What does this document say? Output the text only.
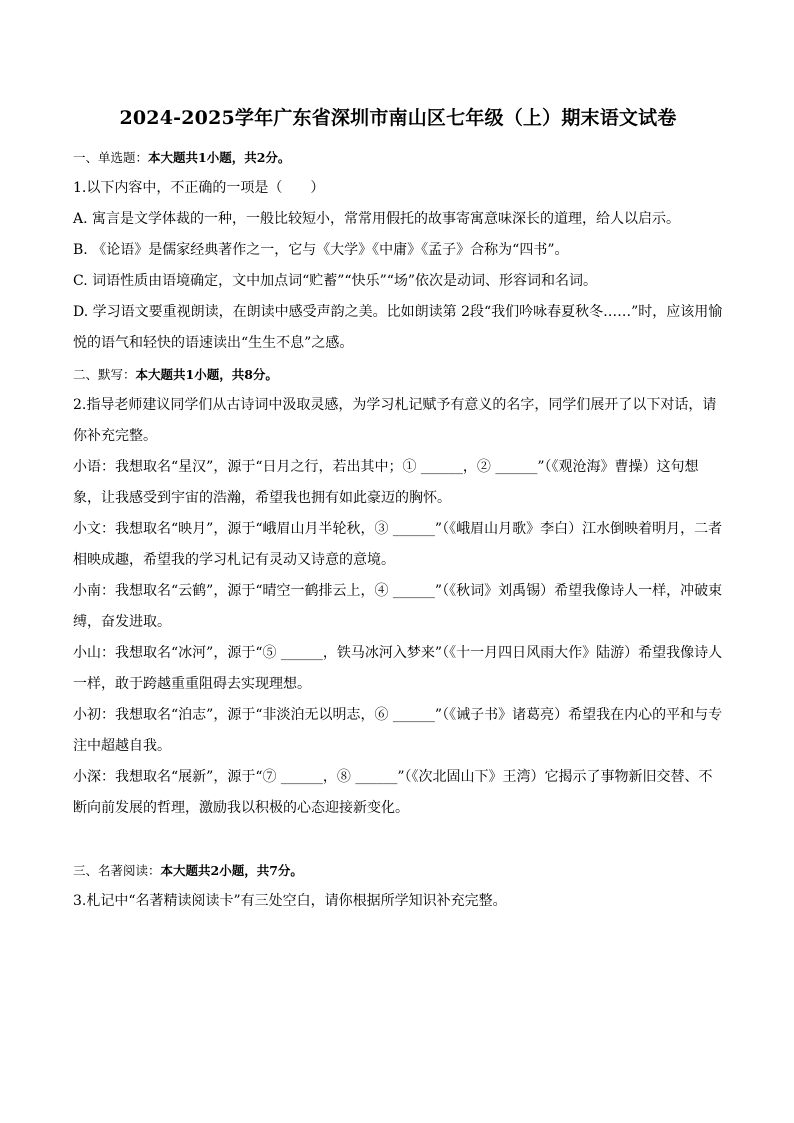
2024-2025学年广东省深圳市南山区七年级（上）期末语文试卷

一、单选题：本大题共1小题，共2分。

1.以下内容中，不正确的一项是（　　）

A. 寓言是文学体裁的一种，一般比较短小，常常用假托的故事寄寓意味深长的道理，给人以启示。

B. 《论语》是儒家经典著作之一，它与《大学》《中庸》《孟子》合称为“四书”。

C. 词语性质由语境确定，文中加点词“贮蓄”“快乐”“场”依次是动词、形容词和名词。

D. 学习语文要重视朗读，在朗读中感受声韵之美。比如朗读第 2段“我们吟咏春夏秋冬……”时，应该用愉悦的语气和轻快的语速读出“生生不息”之感。

二、默写：本大题共1小题，共8分。

2.指导老师建议同学们从古诗词中汲取灵感，为学习札记赋予有意义的名字，同学们展开了以下对话，请你补充完整。

小语：我想取名“星汉”，源于“日月之行，若出其中；① ______，② ______”（《观沧海》曹操）这句想象，让我感受到宇宙的浩瀚，希望我也拥有如此豪迈的胸怀。

小文：我想取名“映月”，源于“峨眉山月半轮秋，③ ______”（《峨眉山月歌》李白）江水倒映着明月，二者相映成趣，希望我的学习札记有灵动又诗意的意境。

小南：我想取名“云鹤”，源于“晴空一鹤排云上，④ ______”（《秋词》刘禹锡）希望我像诗人一样，冲破束缚，奋发进取。

小山：我想取名“冰河”，源于“⑤ ______，铁马冰河入梦来”（《十一月四日风雨大作》陆游）希望我像诗人一样，敢于跨越重重阻碍去实现理想。

小初：我想取名“泊志”，源于“非淡泊无以明志，⑥ ______”（《诫子书》诸葛亮）希望我在内心的平和与专注中超越自我。

小深：我想取名“展新”，源于“⑦ ______，⑧ ______”（《次北固山下》王湾）它揭示了事物新旧交替、不断向前发展的哲理，激励我以积极的心态迎接新变化。

三、名著阅读：本大题共2小题，共7分。

3.札记中“名著精读阅读卡”有三处空白，请你根据所学知识补充完整。
